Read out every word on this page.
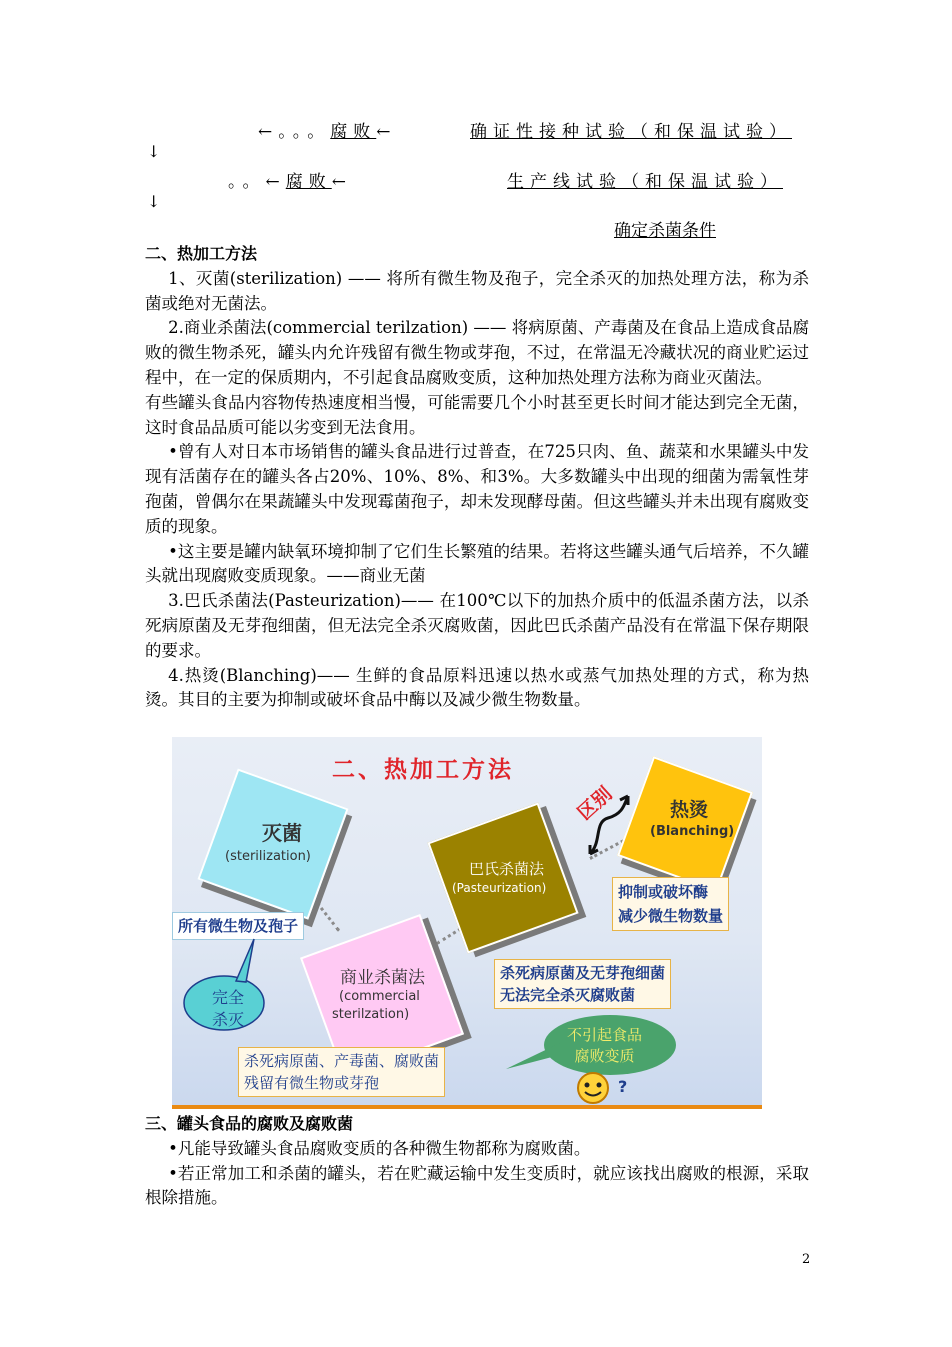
←。。。腐败←	确证性接种试验（和保温试验）
↓
。。←腐败←	生产线试验（和保温试验）
↓
确定杀菌条件

二、热加工方法

1、灭菌(sterilization) —— 将所有微生物及孢子，完全杀灭的加热处理方法，称为杀菌或绝对无菌法。

2.商业杀菌法(commercial terilzation) —— 将病原菌、产毒菌及在食品上造成食品腐败的微生物杀死，罐头内允许残留有微生物或芽孢，不过，在常温无冷藏状况的商业贮运过程中，在一定的保质期内，不引起食品腐败变质，这种加热处理方法称为商业灭菌法。

有些罐头食品内容物传热速度相当慢，可能需要几个小时甚至更长时间才能达到完全无菌，这时食品品质可能以劣变到无法食用。

•曾有人对日本市场销售的罐头食品进行过普查，在725只肉、鱼、蔬菜和水果罐头中发现有活菌存在的罐头各占20%、10%、8%、和3%。大多数罐头中出现的细菌为需氧性芽孢菌，曾偶尔在果蔬罐头中发现霉菌孢子，却未发现酵母菌。但这些罐头并未出现有腐败变质的现象。

•这主要是罐内缺氧环境抑制了它们生长繁殖的结果。若将这些罐头通气后培养，不久罐头就出现腐败变质现象。——商业无菌

3.巴氏杀菌法(Pasteurization)—— 在100℃以下的加热介质中的低温杀菌方法，以杀死病原菌及无芽孢细菌，但无法完全杀灭腐败菌，因此巴氏杀菌产品没有在常温下保存期限的要求。

4.热烫(Blanching)—— 生鲜的食品原料迅速以热水或蒸气加热处理的方式，称为热烫。其目的主要为抑制或破坏食品中酶以及减少微生物数量。

二、热加工方法
灭菌
(sterilization)
商业杀菌法
(commercial
sterilzation)
巴氏杀菌法
(Pasteurization)
热烫
(Blanching)
区别
所有微生物及孢子
抑制或破坏酶
减少微生物数量
杀死病原菌及无芽孢细菌
无法完全杀灭腐败菌
杀死病原菌、产毒菌、腐败菌
残留有微生物或芽孢
完全
杀灭
不引起食品
腐败变质
?

三、罐头食品的腐败及腐败菌

•凡能导致罐头食品腐败变质的各种微生物都称为腐败菌。

•若正常加工和杀菌的罐头，若在贮藏运输中发生变质时，就应该找出腐败的根源，采取根除措施。

2
